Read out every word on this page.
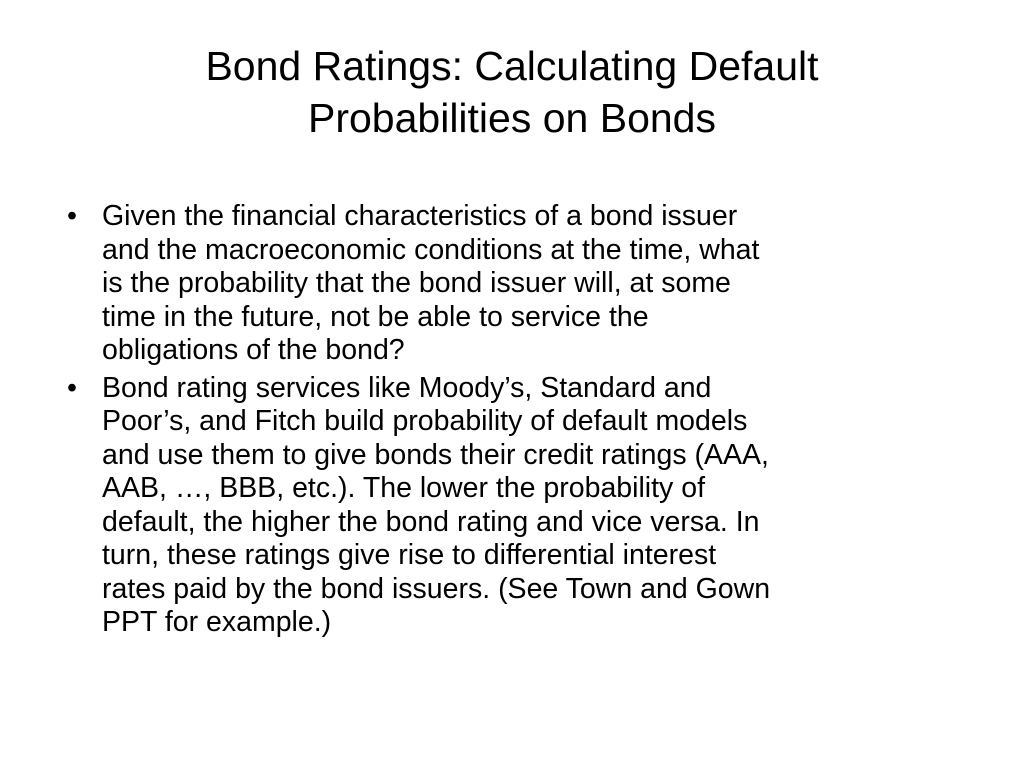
Bond Ratings: Calculating Default
Probabilities on Bonds
• Given the financial characteristics of a bond issuer
and the macroeconomic conditions at the time, what
is the probability that the bond issuer will, at some
time in the future, not be able to service the
obligations of the bond?
• Bond rating services like Moody’s, Standard and
Poor’s, and Fitch build probability of default models
and use them to give bonds their credit ratings (AAA,
AAB, …, BBB, etc.). The lower the probability of
default, the higher the bond rating and vice versa. In
turn, these ratings give rise to differential interest
rates paid by the bond issuers. (See Town and Gown
PPT for example.)
